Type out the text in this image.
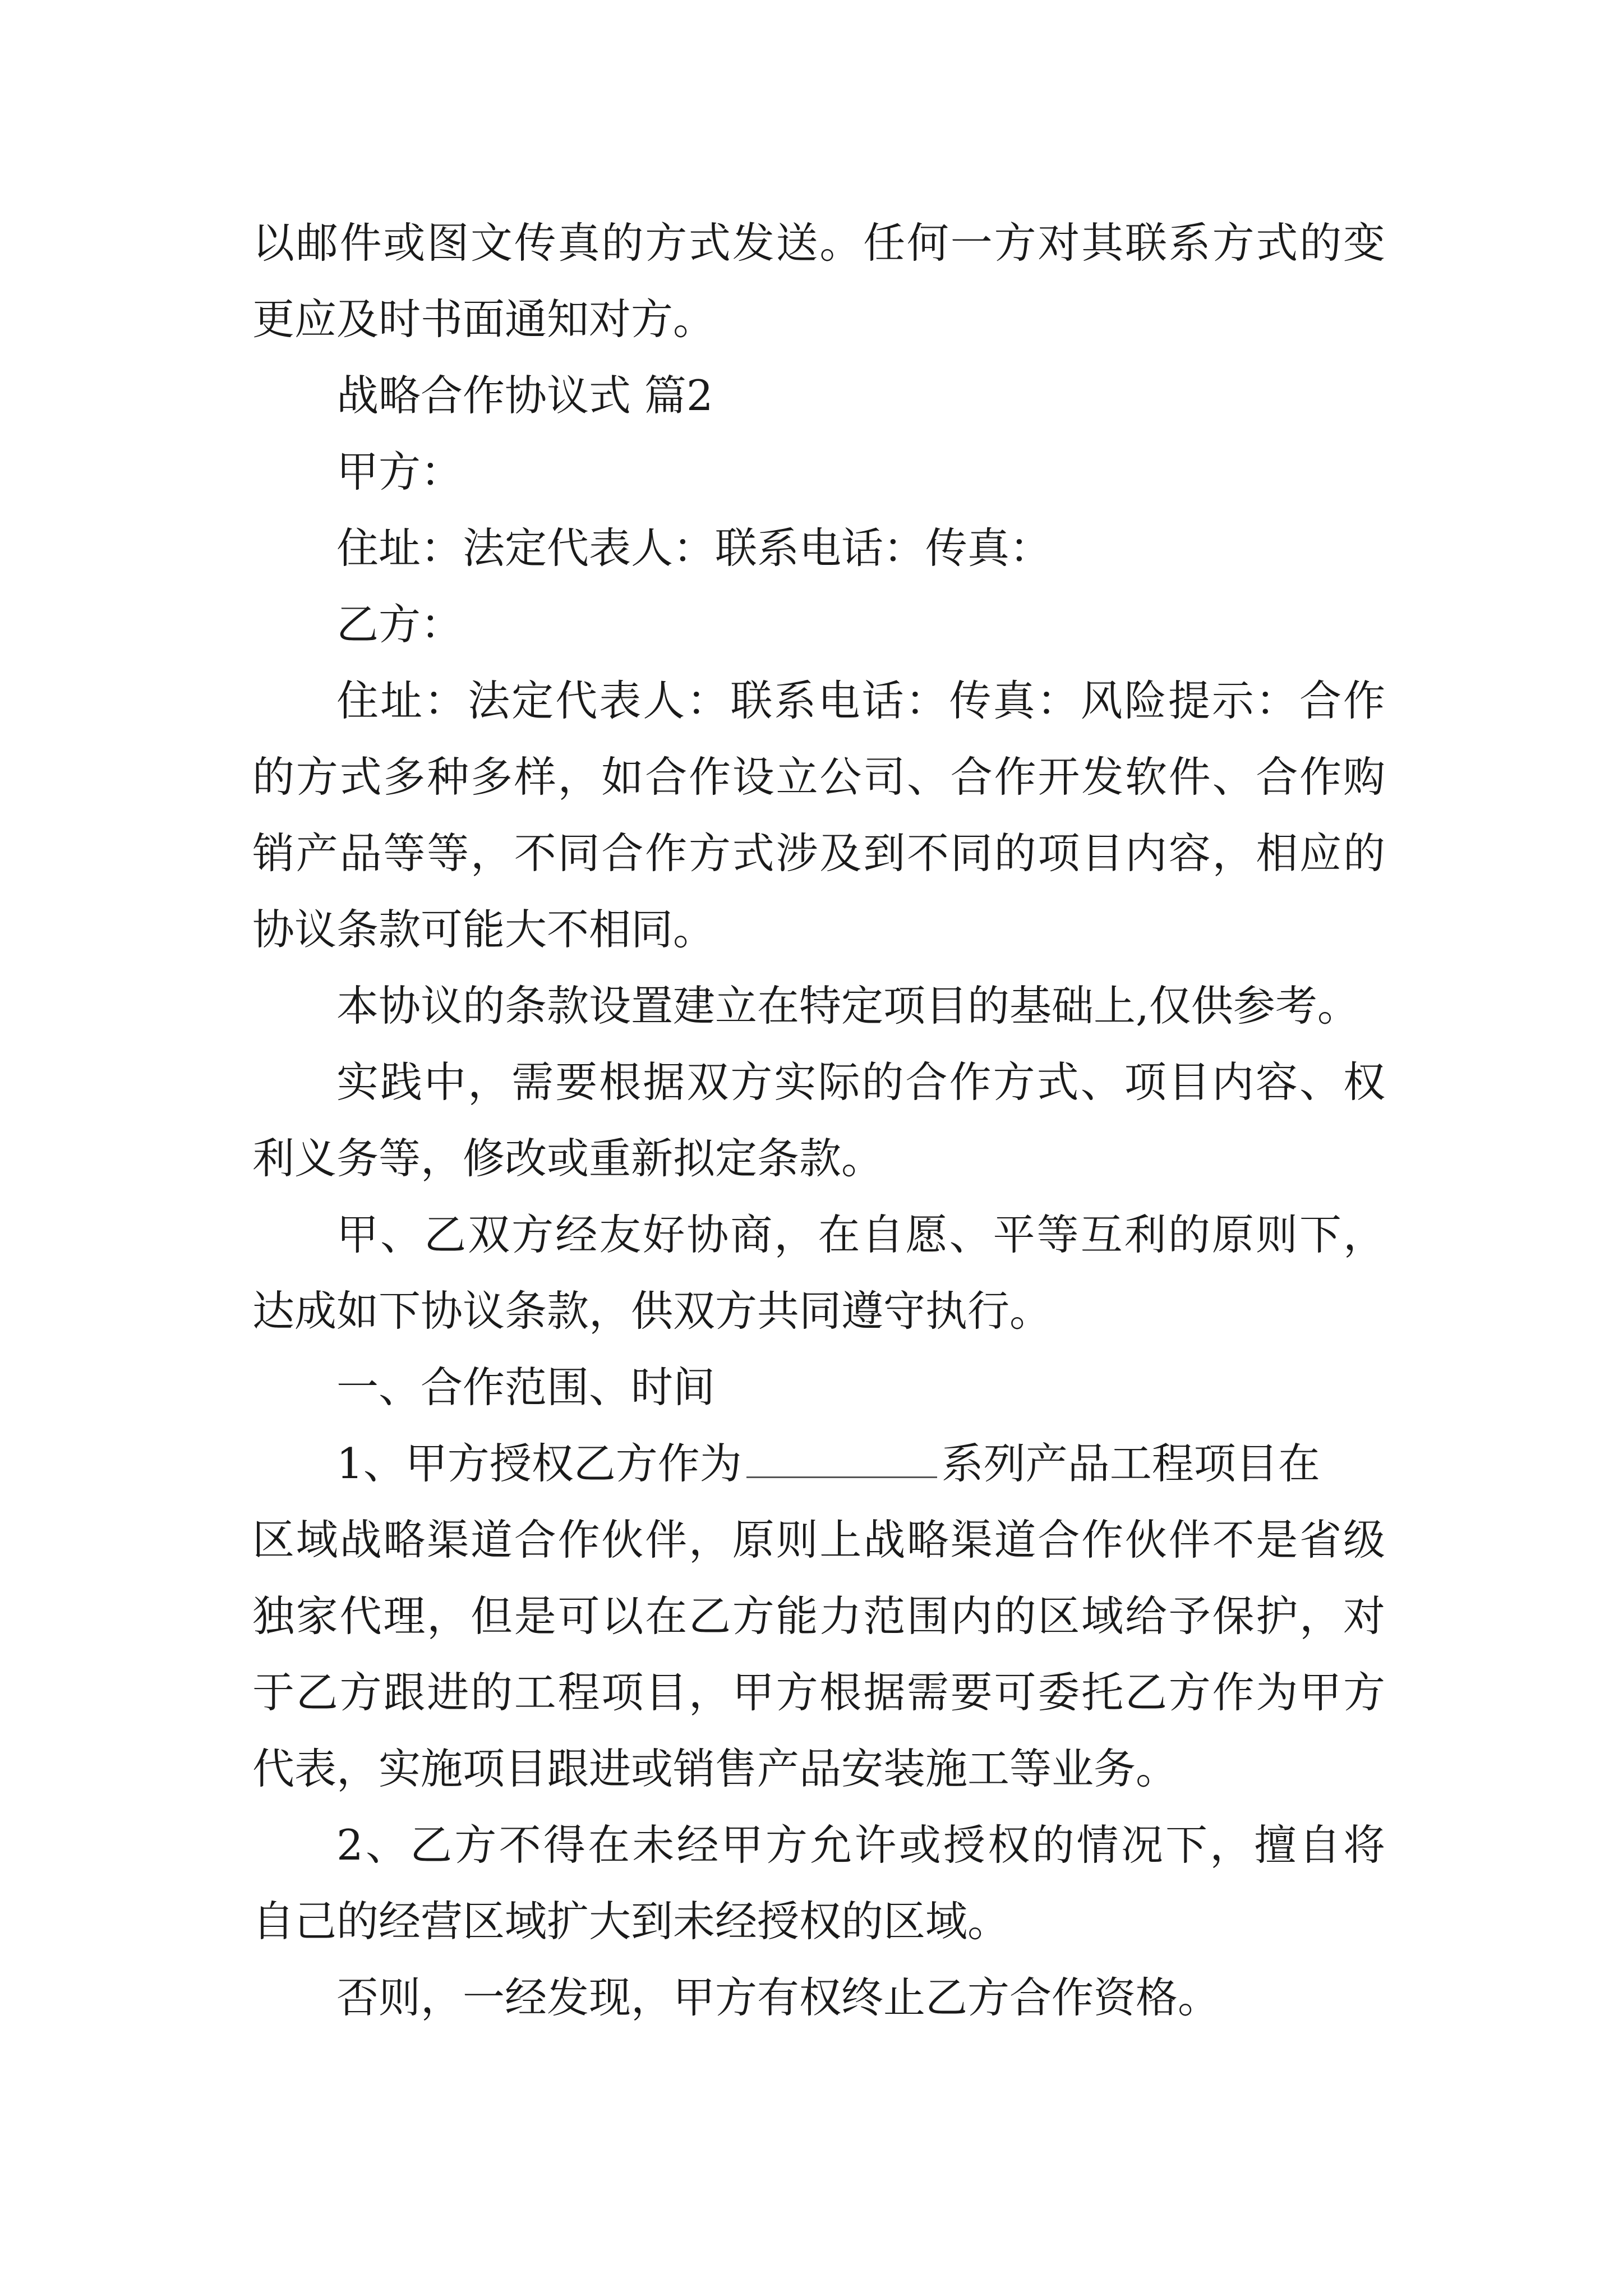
以邮件或图文传真的方式发送。任何一方对其联系方式的变
更应及时书面通知对方。
战略合作协议式 篇2
甲方：
住址：法定代表人：联系电话：传真：
乙方：
住址：法定代表人：联系电话：传真：风险提示：合作
的方式多种多样，如合作设立公司、合作开发软件、合作购
销产品等等，不同合作方式涉及到不同的项目内容，相应的
协议条款可能大不相同。
本协议的条款设置建立在特定项目的基础上,仅供参考。
实践中，需要根据双方实际的合作方式、项目内容、权
利义务等，修改或重新拟定条款。
甲、乙双方经友好协商，在自愿、平等互利的原则下，
达成如下协议条款，供双方共同遵守执行。
一、合作范围、时间
1、甲方授权乙方作为	系列产品工程项目在
区域战略渠道合作伙伴，原则上战略渠道合作伙伴不是省级
独家代理，但是可以在乙方能力范围内的区域给予保护，对
于乙方跟进的工程项目，甲方根据需要可委托乙方作为甲方
代表，实施项目跟进或销售产品安装施工等业务。
2、乙方不得在未经甲方允许或授权的情况下，擅自将
自己的经营区域扩大到未经授权的区域。
否则，一经发现，甲方有权终止乙方合作资格。
